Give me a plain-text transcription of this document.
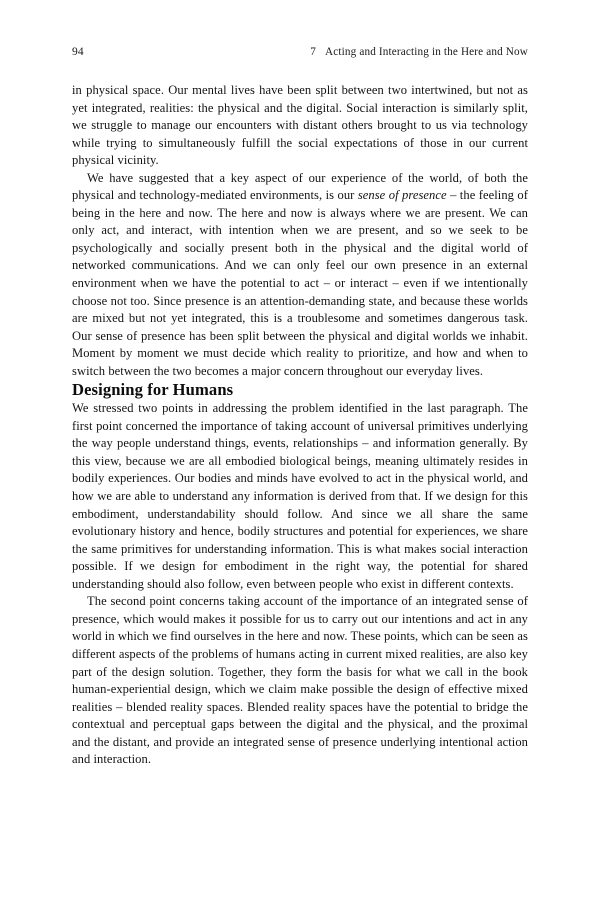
94	7 Acting and Interacting in the Here and Now

in physical space. Our mental lives have been split between two intertwined, but not as yet integrated, realities: the physical and the digital. Social interaction is similarly split, we struggle to manage our encounters with distant others brought to us via technology while trying to simultaneously fulfill the social expectations of those in our current physical vicinity.

We have suggested that a key aspect of our experience of the world, of both the physical and technology-mediated environments, is our sense of presence – the feeling of being in the here and now. The here and now is always where we are present. We can only act, and interact, with intention when we are present, and so we seek to be psychologically and socially present both in the physical and the digital world of networked communications. And we can only feel our own presence in an external environment when we have the potential to act – or interact – even if we intentionally choose not too. Since presence is an attention-demanding state, and because these worlds are mixed but not yet integrated, this is a troublesome and sometimes dangerous task. Our sense of presence has been split between the physical and digital worlds we inhabit. Moment by moment we must decide which reality to prioritize, and how and when to switch between the two becomes a major concern throughout our everyday lives.

Designing for Humans

We stressed two points in addressing the problem identified in the last paragraph. The first point concerned the importance of taking account of universal primitives underlying the way people understand things, events, relationships – and information generally. By this view, because we are all embodied biological beings, meaning ultimately resides in bodily experiences. Our bodies and minds have evolved to act in the physical world, and how we are able to understand any information is derived from that. If we design for this embodiment, understandability should follow. And since we all share the same evolutionary history and hence, bodily structures and potential for experiences, we share the same primitives for understanding information. This is what makes social interaction possible. If we design for embodiment in the right way, the potential for shared understanding should also follow, even between people who exist in different contexts.

The second point concerns taking account of the importance of an integrated sense of presence, which would makes it possible for us to carry out our intentions and act in any world in which we find ourselves in the here and now. These points, which can be seen as different aspects of the problems of humans acting in current mixed realities, are also key part of the design solution. Together, they form the basis for what we call in the book human-experiential design, which we claim make possible the design of effective mixed realities – blended reality spaces. Blended reality spaces have the potential to bridge the contextual and perceptual gaps between the digital and the physical, and the proximal and the distant, and provide an integrated sense of presence underlying intentional action and interaction.
